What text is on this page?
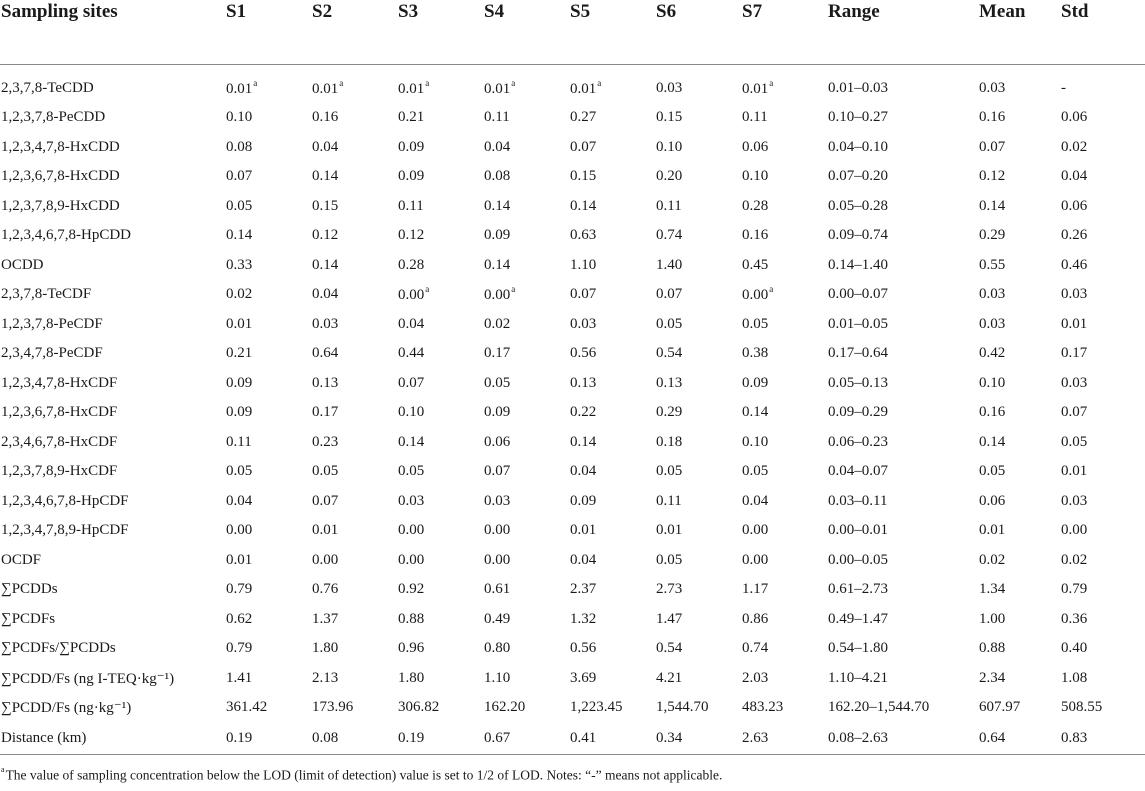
Sampling sites	S1	S2	S3	S4	S5	S6	S7	Range	Mean	Std
2,3,7,8-TeCDD	0.01$^a$	0.01$^a$	0.01$^a$	0.01$^a$	0.01$^a$	0.03	0.01$^a$	0.01–0.03	0.03	-
1,2,3,7,8-PeCDD	0.10	0.16	0.21	0.11	0.27	0.15	0.11	0.10–0.27	0.16	0.06
1,2,3,4,7,8-HxCDD	0.08	0.04	0.09	0.04	0.07	0.10	0.06	0.04–0.10	0.07	0.02
1,2,3,6,7,8-HxCDD	0.07	0.14	0.09	0.08	0.15	0.20	0.10	0.07–0.20	0.12	0.04
1,2,3,7,8,9-HxCDD	0.05	0.15	0.11	0.14	0.14	0.11	0.28	0.05–0.28	0.14	0.06
1,2,3,4,6,7,8-HpCDD	0.14	0.12	0.12	0.09	0.63	0.74	0.16	0.09–0.74	0.29	0.26
OCDD	0.33	0.14	0.28	0.14	1.10	1.40	0.45	0.14–1.40	0.55	0.46
2,3,7,8-TeCDF	0.02	0.04	0.00$^a$	0.00$^a$	0.07	0.07	0.00$^a$	0.00–0.07	0.03	0.03
1,2,3,7,8-PeCDF	0.01	0.03	0.04	0.02	0.03	0.05	0.05	0.01–0.05	0.03	0.01
2,3,4,7,8-PeCDF	0.21	0.64	0.44	0.17	0.56	0.54	0.38	0.17–0.64	0.42	0.17
1,2,3,4,7,8-HxCDF	0.09	0.13	0.07	0.05	0.13	0.13	0.09	0.05–0.13	0.10	0.03
1,2,3,6,7,8-HxCDF	0.09	0.17	0.10	0.09	0.22	0.29	0.14	0.09–0.29	0.16	0.07
2,3,4,6,7,8-HxCDF	0.11	0.23	0.14	0.06	0.14	0.18	0.10	0.06–0.23	0.14	0.05
1,2,3,7,8,9-HxCDF	0.05	0.05	0.05	0.07	0.04	0.05	0.05	0.04–0.07	0.05	0.01
1,2,3,4,6,7,8-HpCDF	0.04	0.07	0.03	0.03	0.09	0.11	0.04	0.03–0.11	0.06	0.03
1,2,3,4,7,8,9-HpCDF	0.00	0.01	0.00	0.00	0.01	0.01	0.00	0.00–0.01	0.01	0.00
OCDF	0.01	0.00	0.00	0.00	0.04	0.05	0.00	0.00–0.05	0.02	0.02
∑PCDDs	0.79	0.76	0.92	0.61	2.37	2.73	1.17	0.61–2.73	1.34	0.79
∑PCDFs	0.62	1.37	0.88	0.49	1.32	1.47	0.86	0.49–1.47	1.00	0.36
∑PCDFs/∑PCDDs	0.79	1.80	0.96	0.80	0.56	0.54	0.74	0.54–1.80	0.88	0.40
∑PCDD/Fs (ng I-TEQ·kg⁻¹)	1.41	2.13	1.80	1.10	3.69	4.21	2.03	1.10–4.21	2.34	1.08
∑PCDD/Fs (ng·kg⁻¹)	361.42	173.96	306.82	162.20	1,223.45	1,544.70	483.23	162.20–1,544.70	607.97	508.55
Distance (km)	0.19	0.08	0.19	0.67	0.41	0.34	2.63	0.08–2.63	0.64	0.83
$^a$The value of sampling concentration below the LOD (limit of detection) value is set to 1/2 of LOD. Notes: “-” means not applicable.
